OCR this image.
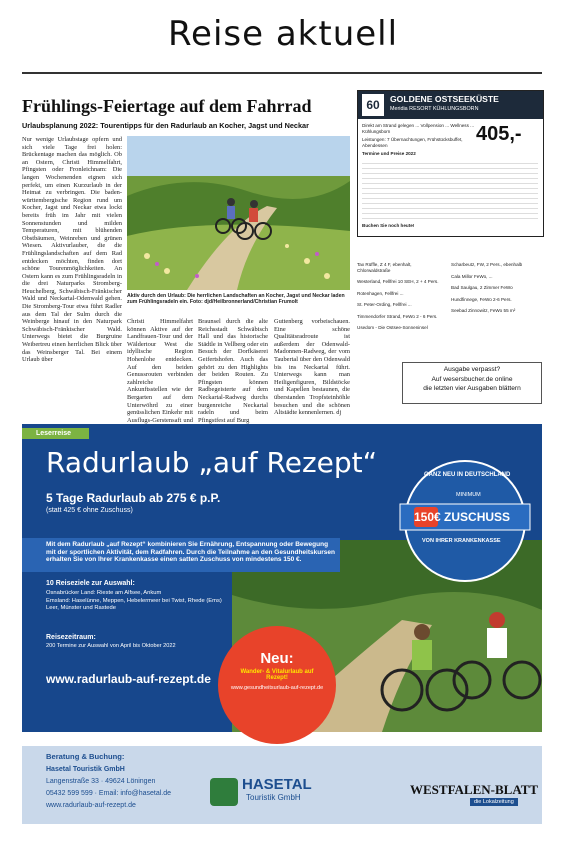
Reise aktuell
Frühlings-Feiertage auf dem Fahrrad
Urlaubsplanung 2022: Tourentipps für den Radurlaub an Kocher, Jagst und Neckar
Nur wenige Urlaubstage opfern und sich viele Tage frei holen: Brückentage machen das möglich. Ob an Ostern, Christi Himmelfahrt, Pfingsten oder Fronleichnam: Die langen Wochenenden eignen sich perfekt, um einen Kurzurlaub in der Heimat zu verbringen. Die baden-württembergische Region rund um Kocher, Jagst und Neckar etwa lockt bereits früh im Jahr mit vielen Sonnenstunden und milden Temperaturen, mit blühenden Obstbäumen, Weinreben und grünen Wiesen. Aktivurlauber, die die Frühlingslandschaften auf dem Rad entdecken möchten, finden dort schöne Tourenmöglichkeiten. An Ostern kann es zum Frühlingsradeln in die drei Naturparks Stromberg-Heuchelberg, Schwäbisch-Fränkischer Wald und Neckartal-Odenwald gehen. Die Stromberg-Tour etwa führt Radler aus dem Tal der Sulm durch die Weinberge hinauf in den Naturpark Schwäbisch-Fränkischer Wald. Unterwegs bietet die Burgruine Weibertreu einen herrlichen Blick über das Weinsberger Tal. Bei einem Urlaub über
Christi Himmelfahrt können Aktive auf der Landfrauen-Tour und der Wäldertour West die idyllische Region Hohenlohe entdecken. Auf den beiden Genussrouten verbinden zahlreiche Ankunftsstellen wie der Bergarten auf dem Unterwöhrd zu einer genüsslichen Einkehr mit Ausflugs-Gerstensaft und
Braunsel durch die alte Reichsstadt Schwäbisch Hall und das historische Städtle in Vellberg oder ein Besuch der Dorfkäserei Geifertshofen. Auch das gehört zu den Highlights der beiden Routen. Zu Pfingsten können Radbegeisterte auf dem Neckartal-Radweg durchs burgenreiche Neckartal radeln und beim Pfingstfest auf Burg
Guttenberg vorbeischauen. Eine schöne Qualitätsradroute ist außerdem der Odenwald-Madonnen-Radweg, der vom Taubertal über den Odenwald bis ins Neckartal führt. Unterwegs kann man Heiligenfiguren, Bildstöcke und Kapellen bestaunen, die überstanden Tropfsteinhöhle besuchen und die schönen Altstädte kennenlernen. dj
Aktiv durch den Urlaub: Die herrlichen Landschaften an Kocher, Jagst und Neckar laden zum Frühlingsradeln ein. Foto: djd/Heilbronnerland/Christian Frumolt
60	GOLDENE OSTSEEKÜSTE
Meridia RESORT KÜHLUNGSBORN
Direkt am Strand gelegen ... Vollpension ... Wellness ... Kühlungsborn
Leistungen: 7 Übernachtungen, Frühstücksbuffet, Abendessen
405,-
Termine und Preise 2022
Buchen Sie noch heute!
Tax Rüffle, Z 4 F, ebenhalt, Chlorwaldstraße
Westerland, Fellfrei 10 SEH, 2 + 4 Pers.
Rotenhagen, Fellfrei ...
St. Peter-Ording, Fellfrei ...
Timmendorfer Strand, FeWo 2 - 6 Pers.
Usedom - Die Ostsee-Sonneninsel
Scharbeutz, FW, 2 Pers., ebenhalb
Cala Millor FeWo, ...
Bad Saulgau, 2 Zimmer FeWo
Hundfinnege, FeWo 2-6 Pers.
Seebad Zinnowitz, FeWo 55 m²
Ausgabe verpasst?
Auf wesersbucher.de online
die letzten vier Ausgaben blättern
Leserreise
Radurlaub „auf Rezept“
5 Tage Radurlaub ab 275 € p.P.
(statt 425 € ohne Zuschuss)
GANZ NEU IN DEUTSCHLAND
MINIMUM
150€ ZUSCHUSS
VON IHRER KRANKENKASSE
Mit dem Radurlaub „auf Rezept“ kombinieren Sie Ernährung, Entspannung oder Bewegung mit der sportlichen Aktivität, dem Radfahren. Durch die Teilnahme an den Gesundheitskursen erhalten Sie von Ihrer Krankenkasse einen satten Zuschuss von mindestens 150 €.
10 Reiseziele zur Auswahl:
Osnabrücker Land: Rieste am Alfsee, Ankum
Emsland: Haselünne, Meppen, Hebelermeer bei Twist, Rhede (Ems)
Leer, Münster und Rastede
Reisezeitraum:
200 Termine zur Auswahl von April bis Oktober 2022
www.radurlaub-auf-rezept.de
Neu:
Wander- & Vitalurlaub auf Rezept!
www.gesundheitsurlaub-auf-rezept.de
Beratung & Buchung:
Hasetal Touristik GmbH
Langenstraße 33 · 49624 Löningen
05432 599 599 · Email: info@hasetal.de
www.radurlaub-auf-rezept.de
HASETAL
Touristik GmbH
WESTFALEN-BLATT
die Lokalzeitung
